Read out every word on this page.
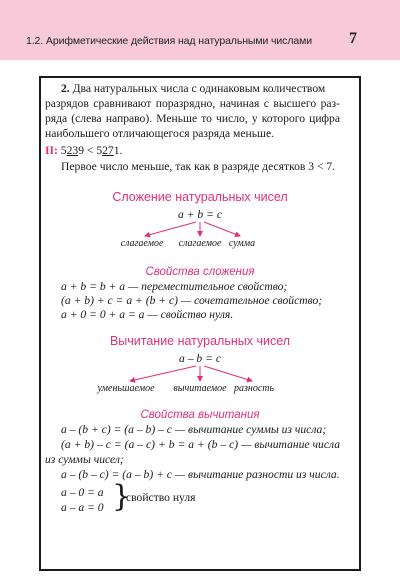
1.2. Арифметические действия над натуральными числами 7
2. Два натуральных числа с одинаковым количеством
разрядов сравнивают поразрядно, начиная с высшего раз-
ряда (слева направо). Меньше то число, у которого цифра
наибольшего отличающегося разряда меньше.
II: 5239 < 5271.
Первое число меньше, так как в разряде десятков 3 < 7.
Сложение натуральных чисел
a + b = c
слагаемое	слагаемое сумма
Свойства сложения
a + b = b + a — переместительное свойство;
(a + b) + c = a + (b + c) — сочетательное свойство;
a + 0 = 0 + a = a — свойство нуля.
Вычитание натуральных чисел
a – b = c
уменьшаемое	вычитаемое разность
Свойства вычитания
a – (b + c) = (a – b) – c — вычитание суммы из числа;
(a + b) – c = (a – c) + b = a + (b – c) — вычитание числа
из суммы чисел;
a – (b – c) = (a – b) + c — вычитание разности из числа.
a – 0 = a
a – a = 0 }
свойство нуля
